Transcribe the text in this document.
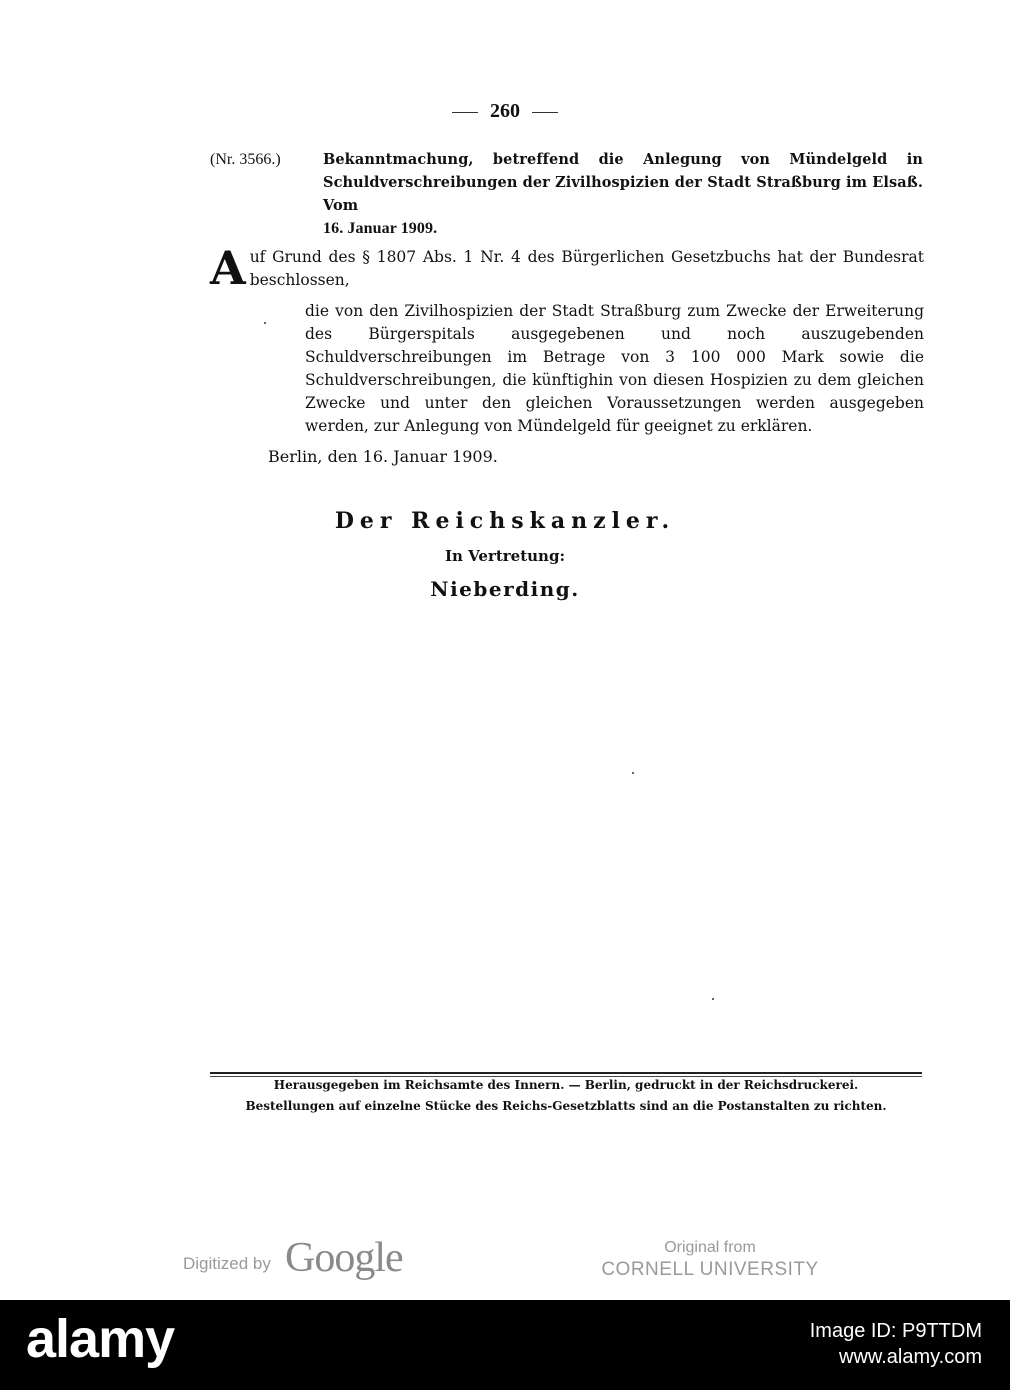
260
(Nr. 3566.)	Bekanntmachung, betreffend die Anlegung von Mündelgeld in Schuldverschreibungen der Zivilhospizien der Stadt Straßburg im Elsaß. Vom
16. Januar 1909.

Auf Grund des § 1807 Abs. 1 Nr. 4 des Bürgerlichen Gesetzbuchs hat der Bundesrat beschlossen,

die von den Zivilhospizien der Stadt Straßburg zum Zwecke der Erweiterung des Bürgerspitals ausgegebenen und noch auszugebenden Schuldverschreibungen im Betrage von 3 100 000 Mark sowie die Schuldverschreibungen, die künftighin von diesen Hospizien zu dem gleichen Zwecke und unter den gleichen Voraussetzungen werden ausgegeben werden, zur Anlegung von Mündelgeld für geeignet zu erklären.

Berlin, den 16. Januar 1909.
Der Reichskanzler.
In Vertretung:
Nieberding.
Herausgegeben im Reichsamte des Innern. — Berlin, gedruckt in der Reichsdruckerei.
Bestellungen auf einzelne Stücke des Reichs-Gesetzblatts sind an die Postanstalten zu richten.
Digitized by Google	Original from
CORNELL UNIVERSITY
alamy	Image ID: P9TTDM
www.alamy.com
